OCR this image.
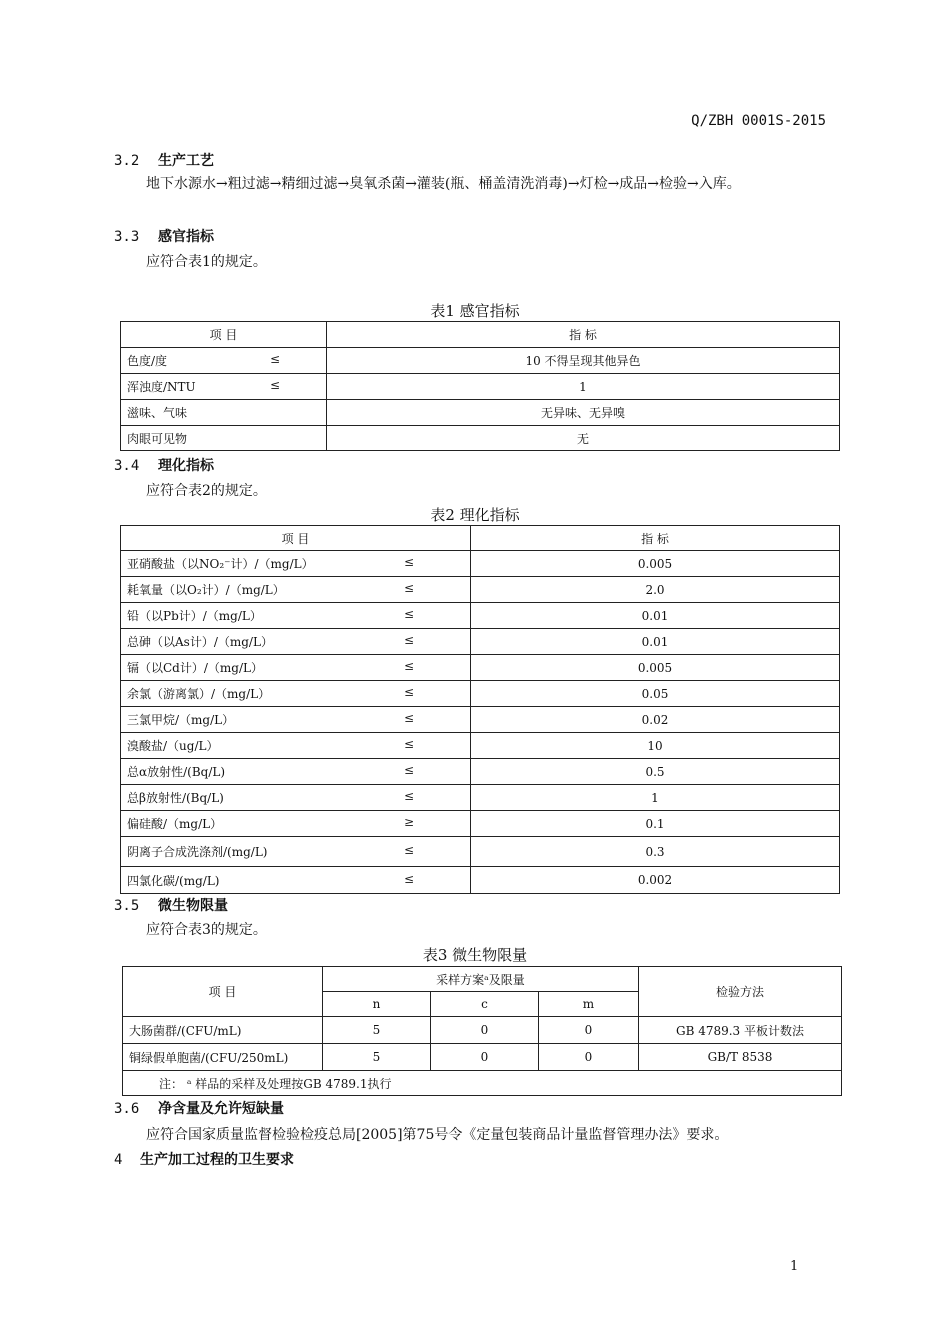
Q/ZBH 0001S-2015
3.2 生产工艺
地下水源水→粗过滤→精细过滤→臭氧杀菌→灌装(瓶、桶盖清洗消毒)→灯检→成品→检验→入库。
3.3 感官指标
应符合表1的规定。
表1 感官指标
项 目	指 标

色度/度 ≤	10 不得呈现其他异色

浑浊度/NTU ≤	1
滋味、气味	无异味、无异嗅
肉眼可见物	无
3.4 理化指标
应符合表2的规定。
表2 理化指标
项 目	指 标

亚硝酸盐（以NO₂⁻计）/（mg/L） ≤	0.005

耗氧量（以O₂计）/（mg/L） ≤	2.0

铅（以Pb计）/（mg/L） ≤	0.01

总砷（以As计）/（mg/L） ≤	0.01

镉（以Cd计）/（mg/L） ≤	0.005

余氯（游离氯）/（mg/L） ≤	0.05

三氯甲烷/（mg/L） ≤	0.02

溴酸盐/（ug/L） ≤	10

总α放射性/(Bq/L) ≤	0.5

总β放射性/(Bq/L) ≤	1

偏硅酸/（mg/L） ≥	0.1

阴离子合成洗涤剂/(mg/L) ≤	0.3

四氯化碳/(mg/L) ≤	0.002
3.5 微生物限量
应符合表3的规定。
表3 微生物限量
项 目	采样方案ᵃ及限量			检验方法
	n	c	m	
大肠菌群/(CFU/mL)	5	0	0	GB 4789.3 平板计数法
铜绿假单胞菌/(CFU/250mL)	5	0	0	GB/T 8538
注： ᵃ 样品的采样及处理按GB 4789.1执行				
3.6 净含量及允许短缺量
应符合国家质量监督检验检疫总局[2005]第75号令《定量包装商品计量监督管理办法》要求。
4 生产加工过程的卫生要求
1
